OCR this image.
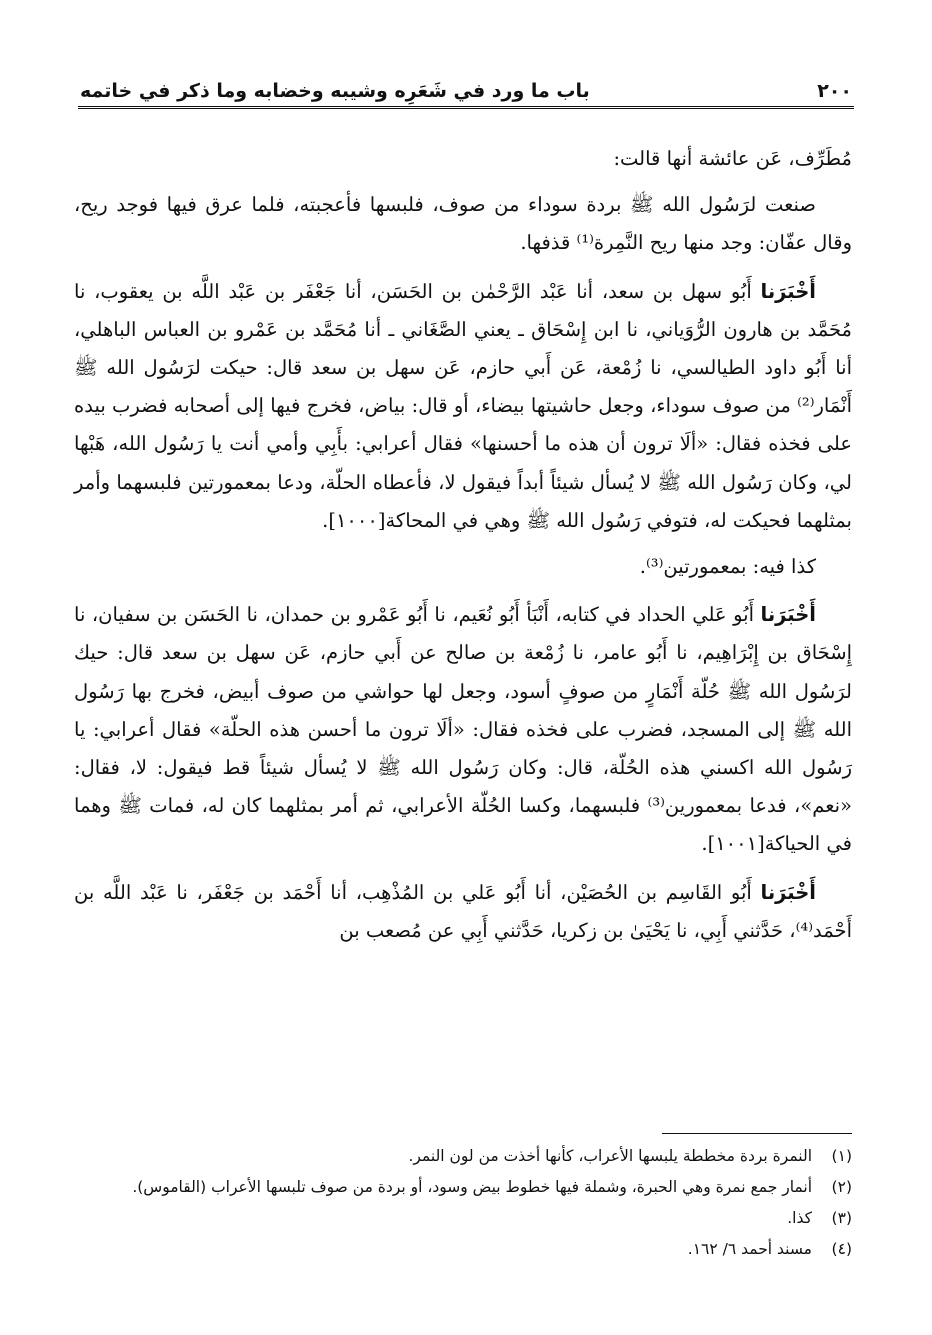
٢٠٠
باب ما ورد في شَعَرِه وشيبه وخضابه وما ذكر في خاتمه

مُطَرِّف، عَن عائشة أنها قالت:

صنعت لرَسُول الله ﷺ بردة سوداء من صوف، فلبسها فأعجبته، فلما عرق فيها فوجد ريح، وقال عفّان: وجد منها ريح النَّمِرة⁽¹⁾ قذفها.

أَخْبَرَنا أَبُو سهل بن سعد، أنا عَبْد الرَّحْمٰن بن الحَسَن، أنا جَعْفَر بن عَبْد اللَّه بن يعقوب، نا مُحَمَّد بن هارون الرُّوَياني، نا ابن إِسْحَاق ـ يعني الصَّغَاني ـ أنا مُحَمَّد بن عَمْرو بن العباس الباهلي، أنا أَبُو داود الطيالسي، نا زُمْعة، عَن أَبي حازم، عَن سهل بن سعد قال: حيكت لرَسُول الله ﷺ أَنْمَار⁽²⁾ من صوف سوداء، وجعل حاشيتها بيضاء، أو قال: بياض، فخرج فيها إلى أصحابه فضرب بيده على فخذه فقال: «ألَا ترون أن هذه ما أحسنها» فقال أعرابي: بأَبِي وأمي أنت يا رَسُول الله، هَبْها لي، وكان رَسُول الله ﷺ لا يُسأل شيئاً أبداً فيقول لا، فأعطاه الحلّة، ودعا بمعمورتين فلبسهما وأمر بمثلهما فحيكت له، فتوفي رَسُول الله ﷺ وهي في المحاكة[١٠٠٠].

كذا فيه: بمعمورتين⁽³⁾.

أَخْبَرَنا أَبُو عَلي الحداد في كتابه، أَنْبَأ أَبُو نُعَيم، نا أَبُو عَمْرو بن حمدان، نا الحَسَن بن سفيان، نا إِسْحَاق بن إِبْرَاهِيم، نا أَبُو عامر، نا زُمْعة بن صالح عن أَبي حازم، عَن سهل بن سعد قال: حيك لرَسُول الله ﷺ حُلّة أَنْمَارٍ من صوفٍ أسود، وجعل لها حواشي من صوف أبيض، فخرج بها رَسُول الله ﷺ إلى المسجد، فضرب على فخذه فقال: «ألَا ترون ما أحسن هذه الحلّة» فقال أعرابي: يا رَسُول الله اكسني هذه الحُلّة، قال: وكان رَسُول الله ﷺ لا يُسأل شيئاً قط فيقول: لا، فقال: «نعم»، فدعا بمعمورين⁽³⁾ فلبسهما، وكسا الحُلّة الأعرابي، ثم أمر بمثلهما كان له، فمات ﷺ وهما في الحياكة[١٠٠١].

أَخْبَرَنا أَبُو القَاسِم بن الحُصَيْن، أنا أَبُو عَلي بن المُذْهِب، أنا أَحْمَد بن جَعْفَر، نا عَبْد اللَّه بن أَحْمَد⁽⁴⁾، حَدَّثني أَبِي، نا يَحْيَىٰ بن زكريا، حَدَّثني أَبِي عن مُصعب بن

(١)
النمرة بردة مخططة يلبسها الأعراب، كأنها أخذت من لون النمر.
(٢)
أنمار جمع نمرة وهي الحبرة، وشملة فيها خطوط بيض وسود، أو بردة من صوف تلبسها الأعراب (القاموس).
(٣)
كذا.
(٤)
مسند أحمد ٦/ ١٦٢.
